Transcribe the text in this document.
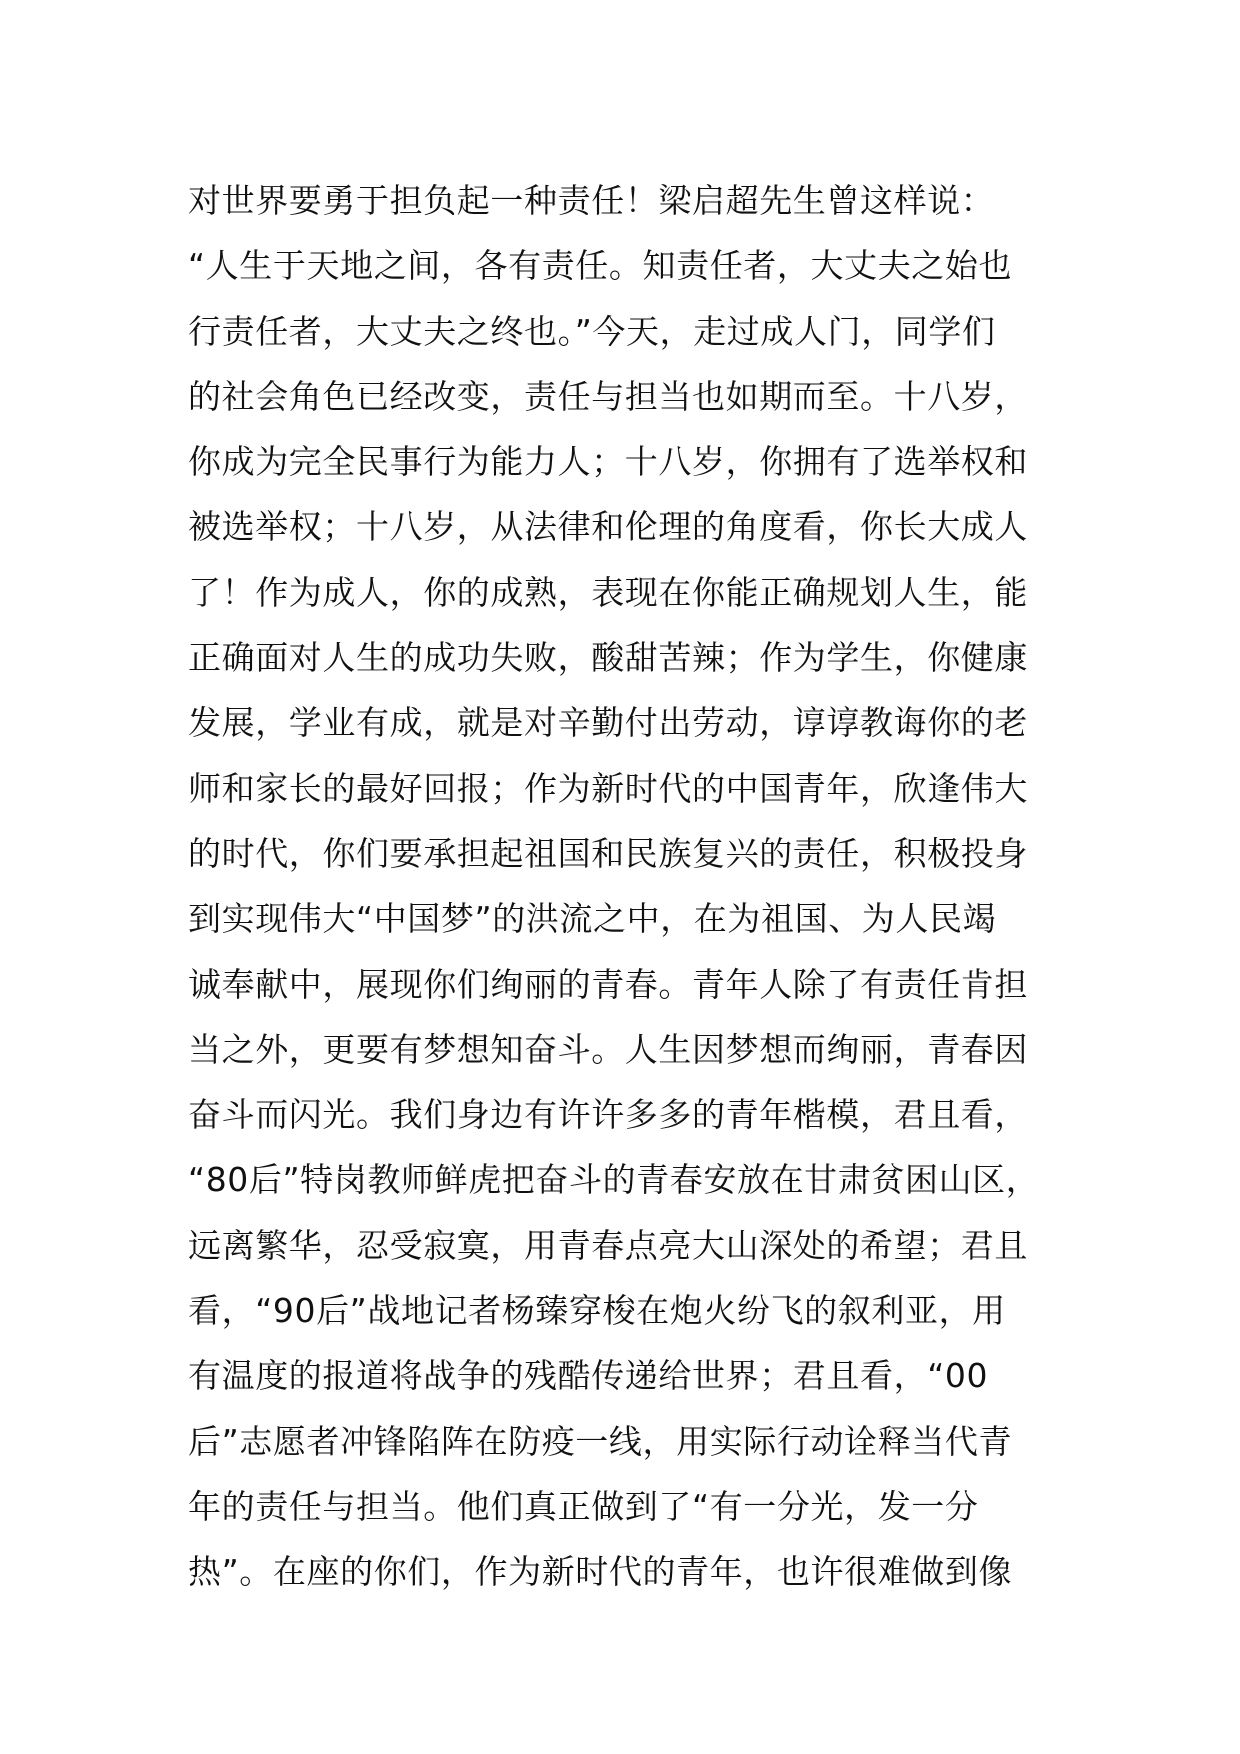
对世界要勇于担负起一种责任！梁启超先生曾这样说：
“人生于天地之间，各有责任。知责任者，大丈夫之始也
行责任者，大丈夫之终也。”今天，走过成人门，同学们
的社会角色已经改变，责任与担当也如期而至。十八岁，
你成为完全民事行为能力人；十八岁，你拥有了选举权和
被选举权；十八岁，从法律和伦理的角度看，你长大成人
了！作为成人，你的成熟，表现在你能正确规划人生，能
正确面对人生的成功失败，酸甜苦辣；作为学生，你健康
发展，学业有成，就是对辛勤付出劳动，谆谆教诲你的老
师和家长的最好回报；作为新时代的中国青年，欣逢伟大
的时代，你们要承担起祖国和民族复兴的责任，积极投身
到实现伟大“中国梦”的洪流之中，在为祖国、为人民竭
诚奉献中，展现你们绚丽的青春。青年人除了有责任肯担
当之外，更要有梦想知奋斗。人生因梦想而绚丽，青春因
奋斗而闪光。我们身边有许许多多的青年楷模，君且看，
“80后”特岗教师鲜虎把奋斗的青春安放在甘肃贫困山区，
远离繁华，忍受寂寞，用青春点亮大山深处的希望；君且
看，“90后”战地记者杨臻穿梭在炮火纷飞的叙利亚，用
有温度的报道将战争的残酷传递给世界；君且看，“00
后”志愿者冲锋陷阵在防疫一线，用实际行动诠释当代青
年的责任与担当。他们真正做到了“有一分光，发一分
热”。在座的你们，作为新时代的青年，也许很难做到像
